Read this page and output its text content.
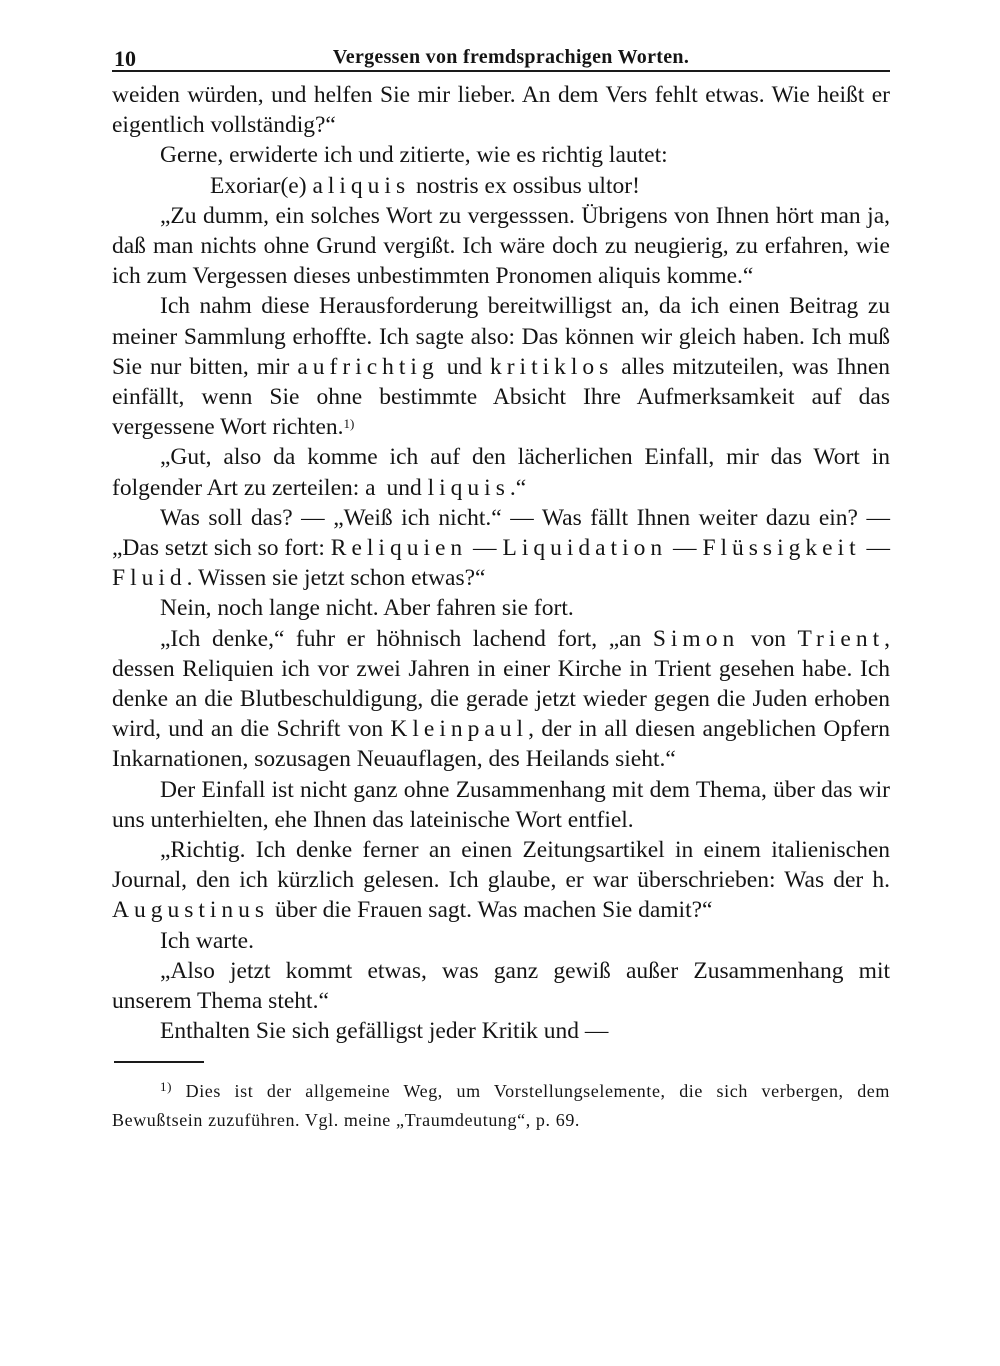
10	Vergessen von fremdsprachigen Worten.

weiden würden, und helfen Sie mir lieber. An dem Vers fehlt etwas. Wie heißt er eigentlich vollständig?“

Gerne, erwiderte ich und zitierte, wie es richtig lautet:

Exoriar(e) aliquis nostris ex ossibus ultor!

„Zu dumm, ein solches Wort zu vergesssen. Übrigens von Ihnen hört man ja, daß man nichts ohne Grund vergißt. Ich wäre doch zu neugierig, zu erfahren, wie ich zum Vergessen dieses unbestimmten Pronomen aliquis komme.“

Ich nahm diese Herausforderung bereitwilligst an, da ich einen Beitrag zu meiner Sammlung erhoffte. Ich sagte also: Das können wir gleich haben. Ich muß Sie nur bitten, mir aufrichtig und kritiklos alles mitzuteilen, was Ihnen einfällt, wenn Sie ohne bestimmte Absicht Ihre Aufmerksamkeit auf das vergessene Wort richten.$^{1)}$

„Gut, also da komme ich auf den lächerlichen Einfall, mir das Wort in folgender Art zu zerteilen: a und liquis.“

Was soll das? — „Weiß ich nicht.“ — Was fällt Ihnen weiter dazu ein? — „Das setzt sich so fort: Reliquien — Liquidation — Flüssigkeit — Fluid. Wissen sie jetzt schon etwas?“

Nein, noch lange nicht. Aber fahren sie fort.

„Ich denke,“ fuhr er höhnisch lachend fort, „an Simon von Trient, dessen Reliquien ich vor zwei Jahren in einer Kirche in Trient gesehen habe. Ich denke an die Blutbeschuldigung, die gerade jetzt wieder gegen die Juden erhoben wird, und an die Schrift von Kleinpaul, der in all diesen angeblichen Opfern Inkarnationen, sozusagen Neuauflagen, des Heilands sieht.“

Der Einfall ist nicht ganz ohne Zusammenhang mit dem Thema, über das wir uns unterhielten, ehe Ihnen das lateinische Wort entfiel.

„Richtig. Ich denke ferner an einen Zeitungsartikel in einem italienischen Journal, den ich kürzlich gelesen. Ich glaube, er war überschrieben: Was der h. Augustinus über die Frauen sagt. Was machen Sie damit?“

Ich warte.

„Also jetzt kommt etwas, was ganz gewiß außer Zusammenhang mit unserem Thema steht.“

Enthalten Sie sich gefälligst jeder Kritik und —

$^{1)}$ Dies ist der allgemeine Weg, um Vorstellungselemente, die sich verbergen, dem Bewußtsein zuzuführen. Vgl. meine „Traumdeutung“, p. 69.
